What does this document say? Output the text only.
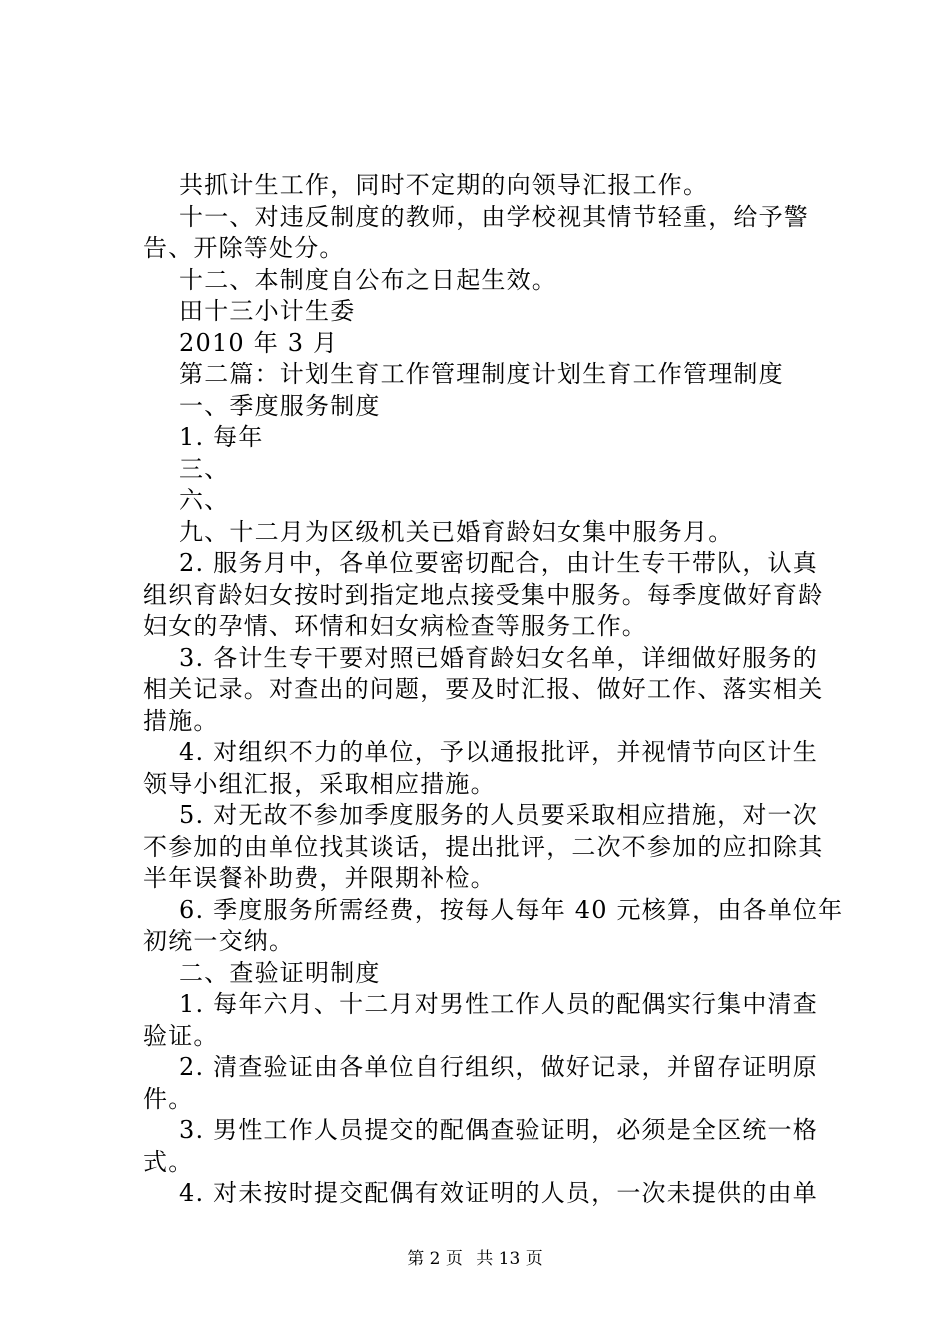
共抓计生工作，同时不定期的向领导汇报工作。
十一、对违反制度的教师，由学校视其情节轻重，给予警
告、开除等处分。
十二、本制度自公布之日起生效。
田十三小计生委
2010 年 3 月
第二篇：计划生育工作管理制度计划生育工作管理制度
一、季度服务制度
1. 每年
三、
六、
九、十二月为区级机关已婚育龄妇女集中服务月。
2. 服务月中，各单位要密切配合，由计生专干带队，认真
组织育龄妇女按时到指定地点接受集中服务。每季度做好育龄
妇女的孕情、环情和妇女病检查等服务工作。
3. 各计生专干要对照已婚育龄妇女名单，详细做好服务的
相关记录。对查出的问题，要及时汇报、做好工作、落实相关
措施。
4. 对组织不力的单位，予以通报批评，并视情节向区计生
领导小组汇报，采取相应措施。
5. 对无故不参加季度服务的人员要采取相应措施，对一次
不参加的由单位找其谈话，提出批评，二次不参加的应扣除其
半年误餐补助费，并限期补检。
6. 季度服务所需经费，按每人每年 40 元核算，由各单位年
初统一交纳。
二、查验证明制度
1. 每年六月、十二月对男性工作人员的配偶实行集中清查
验证。
2. 清查验证由各单位自行组织，做好记录，并留存证明原
件。
3. 男性工作人员提交的配偶查验证明，必须是全区统一格
式。
4. 对未按时提交配偶有效证明的人员，一次未提供的由单
第 2 页 共 13 页
